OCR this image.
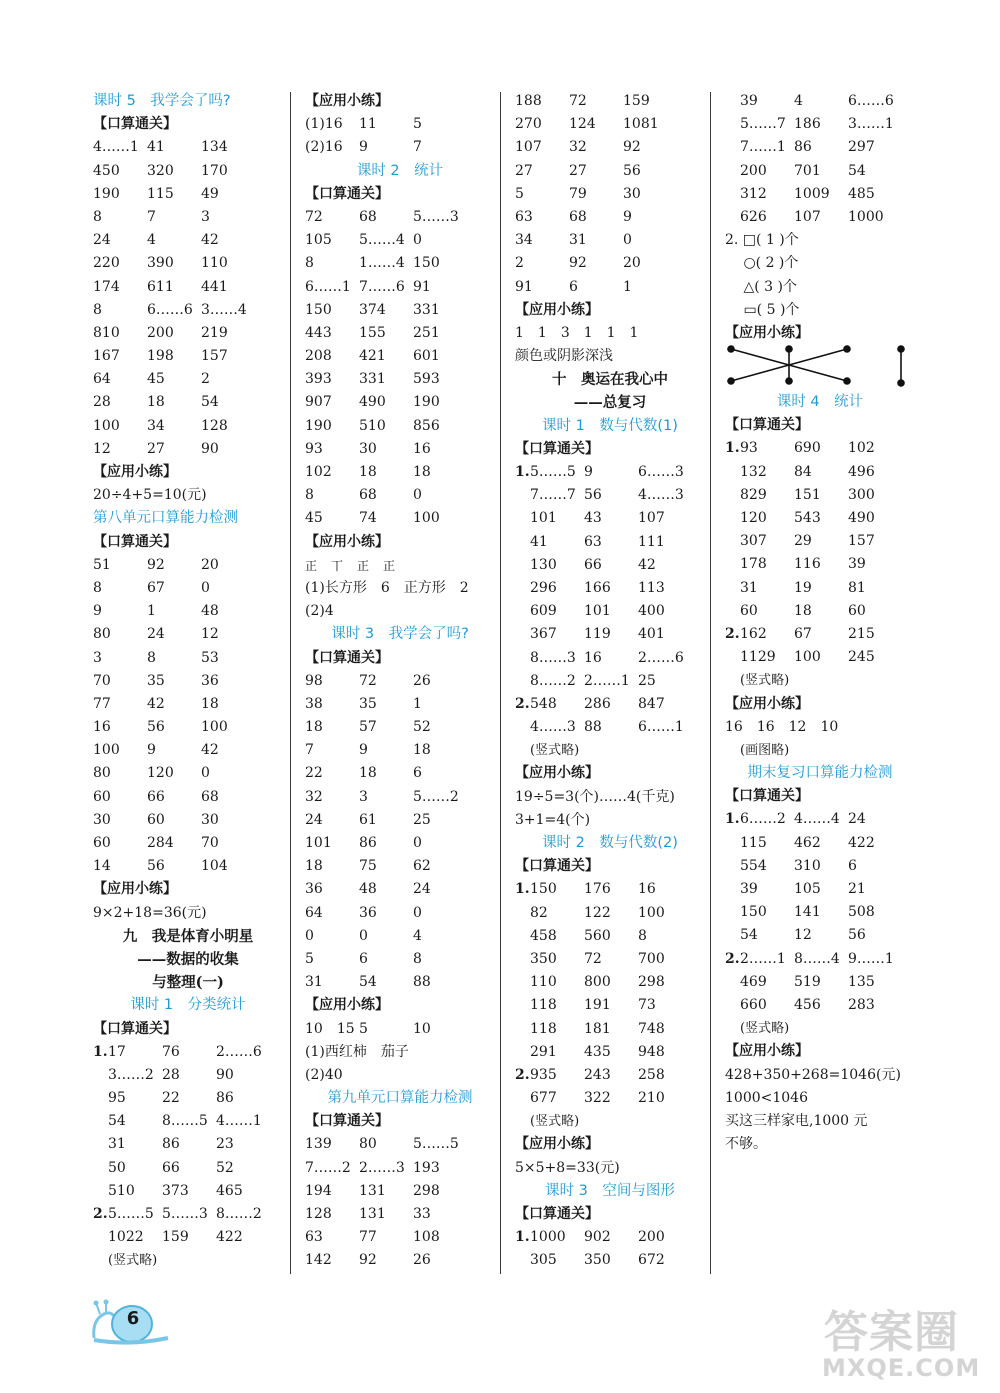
课时 5　我学会了吗?
【口算通关】
4……1 41	134
450	320	170
190	115	49
8	7	3
24	4	42
220	390	110
174	611	441
8	6……6 3……4
810	200	219
167	198	157
64	45	2
28	18	54
100	34	128
12	27	90
【应用小练】
20÷4+5=10(元)
第八单元口算能力检测
【口算通关】
51	92	20
8	67	0
9	1	48
80	24	12
3	8	53
70	35	36
77	42	18
16	56	100
100	9	42
80	120	0
60	66	68
30	60	30
60	284	70
14	56	104
【应用小练】
9×2+18=36(元)
九　我是体育小明星
——数据的收集
与整理(一)
课时 1　分类统计
【口算通关】
1. 17	76	2……6
3……2 28	90
95	22	86
54	8……5 4……1
31	86	23
50	66	52
510	373	465
2. 5……5 5……3 8……2
1022	159	422
(竖式略)
【应用小练】
(1)16	11	5
(2)16	9	7
课时 2　统计
【口算通关】
72	68	5……3
105	5……4 0
8	1……4 150
6……1 7……6 91
150	374	331
443	155	251
208	421	601
393	331	593
907	490	190
190	510	856
93	30	16
102	18	18
8	68	0
45	74	100
【应用小练】
正 丅 正 正
(1)长方形　6　正方形　2
(2)4
课时 3　我学会了吗?
【口算通关】
98	72	26
38	35	1
18	57	52
7	9	18
22	18	6
32	3	5……2
24	61	25
101	86	0
18	75	62
36	48	24
64	36	0
0	0	4
5	6	8
31	54	88
【应用小练】
10　15 5	10
(1)西红柿　茄子
(2)40
第九单元口算能力检测
【口算通关】
139	80	5……5
7……2 2……3 193
194	131	298
128	131	33
63	77	108
142	92	26
188	72	159
270	124	1081
107	32	92
27	27	56
5	79	30
63	68	9
34	31	0
2	92	20
91	6	1
【应用小练】
1　1　3　1　1　1
颜色或阴影深浅
十　奥运在我心中
——总复习
课时 1　数与代数(1)
【口算通关】
1. 5……5 9	6……3
7……7 56	4……3
101	43	107
41	63	111
130	66	42
296	166	113
609	101	400
367	119	401
8……3 16	2……6
8……2 2……1 25
2. 548	286	847
4……3 88	6……1
(竖式略)
【应用小练】
19÷5=3(个)……4(千克)
3+1=4(个)
课时 2　数与代数(2)
【口算通关】
1. 150	176	16
82	122	100
458	560	8
350	72	700
110	800	298
118	191	73
118	181	748
291	435	948
2. 935	243	258
677	322	210
(竖式略)
【应用小练】
5×5+8=33(元)
课时 3　空间与图形
【口算通关】
1. 1000	902	200
305	350	672
39	4	6……6
5……7 186	3……1
7……1 86	297
200	701	54
312	1009	485
626	107	1000
2. □( 1 )个
　 ○( 2 )个
　 △( 3 )个
　 ▭( 5 )个
【应用小练】
课时 4　统计
【口算通关】
1. 93	690	102
132	84	496
829	151	300
120	543	490
307	29	157
178	116	39
31	19	81
60	18	60
2. 162	67	215
1129	100	245
(竖式略)
【应用小练】
16　16　12　10
(画图略)
期末复习口算能力检测
【口算通关】
1. 6……2 4……4 24
115	462	422
554	310	6
39	105	21
150	141	508
54	12	56
2. 2……1 8……4 9……1
469	519	135
660	456	283
(竖式略)
【应用小练】
428+350+268=1046(元)
1000<1046
买这三样家电,1000 元
不够。
6	答案圈
MXQE.COM
